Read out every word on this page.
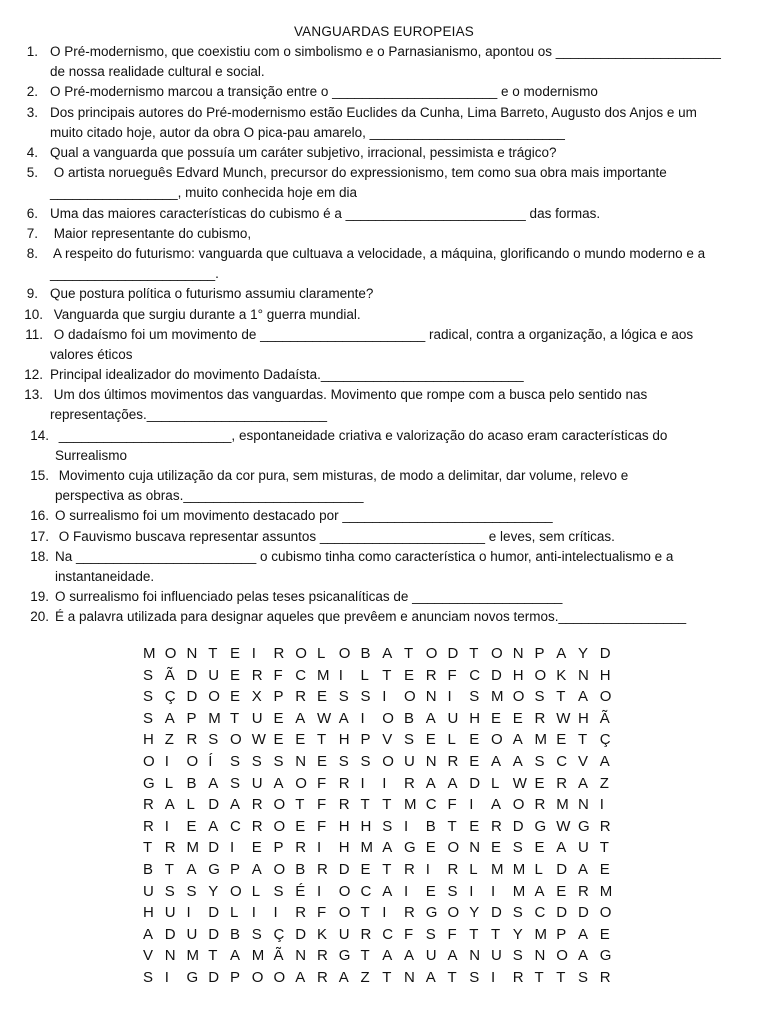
VANGUARDAS EUROPEIAS
1. O Pré-modernismo, que coexistiu com o simbolismo e o Parnasianismo, apontou os ______________________
de nossa realidade cultural e social.
2. O Pré-modernismo marcou a transição entre o ______________________ e o modernismo
3. Dos principais autores do Pré-modernismo estão Euclides da Cunha, Lima Barreto, Augusto dos Anjos e um
muito citado hoje, autor da obra O pica-pau amarelo, __________________________
4. Qual a vanguarda que possuía um caráter subjetivo, irracional, pessimista e trágico?
5. O artista norueguês Edvard Munch, precursor do expressionismo, tem como sua obra mais importante
_________________, muito conhecida hoje em dia
6. Uma das maiores características do cubismo é a ________________________ das formas.
7. Maior representante do cubismo,
8. A respeito do futurismo: vanguarda que cultuava a velocidade, a máquina, glorificando o mundo moderno e a
______________________.
9. Que postura política o futurismo assumiu claramente?
10. Vanguarda que surgiu durante a 1° guerra mundial.
11. O dadaísmo foi um movimento de ______________________ radical, contra a organização, a lógica e aos
valores éticos
12. Principal idealizador do movimento Dadaísta.___________________________
13. Um dos últimos movimentos das vanguardas. Movimento que rompe com a busca pelo sentido nas
representações.________________________
14. _______________________, espontaneidade criativa e valorização do acaso eram características do
Surrealismo
15. Movimento cuja utilização da cor pura, sem misturas, de modo a delimitar, dar volume, relevo e
perspectiva as obras.________________________
16. O surrealismo foi um movimento destacado por ____________________________
17. O Fauvismo buscava representar assuntos ______________________ e leves, sem críticas.
18. Na ________________________ o cubismo tinha como característica o humor, anti-intelectualismo e a
instantaneidade.
19. O surrealismo foi influenciado pelas teses psicanalíticas de ____________________
20. É a palavra utilizada para designar aqueles que prevêem e anunciam novos termos._________________
M O N T E I R O L O B A T O D T O N P A Y D
S Ã D U E R F C M I L T E R F C D H O K N H
S Ç D O E X P R E S S I O N I S M O S T A O
S A P M T U E A W A I O B A U H E E R W H Ã
H Z R S O W E E T H P V S E L E O A M E T Ç
O I O Í S S S N E S S O U N R E A A S C V A
G L B A S U A O F R I I R A A D L W E R A Z
R A L D A R O T F R T T M C F I A O R M N I
R I E A C R O E F H H S I B T E R D G W G R
T R M D I E P R I H M A G E O N E S E A U T
B T A G P A O B R D E T R I R L M M L D A E
U S S Y O L S É I O C A I E S I I M A E R M
H U I D L I I R F O T I R G O Y D S C D D O
A D U D B S Ç D K U R C F S F T T Y M P A E
V N M T A M Ã N R G T A A U A N U S N O A G
S I G D P O O A R A Z T N A T S I R T T S R
